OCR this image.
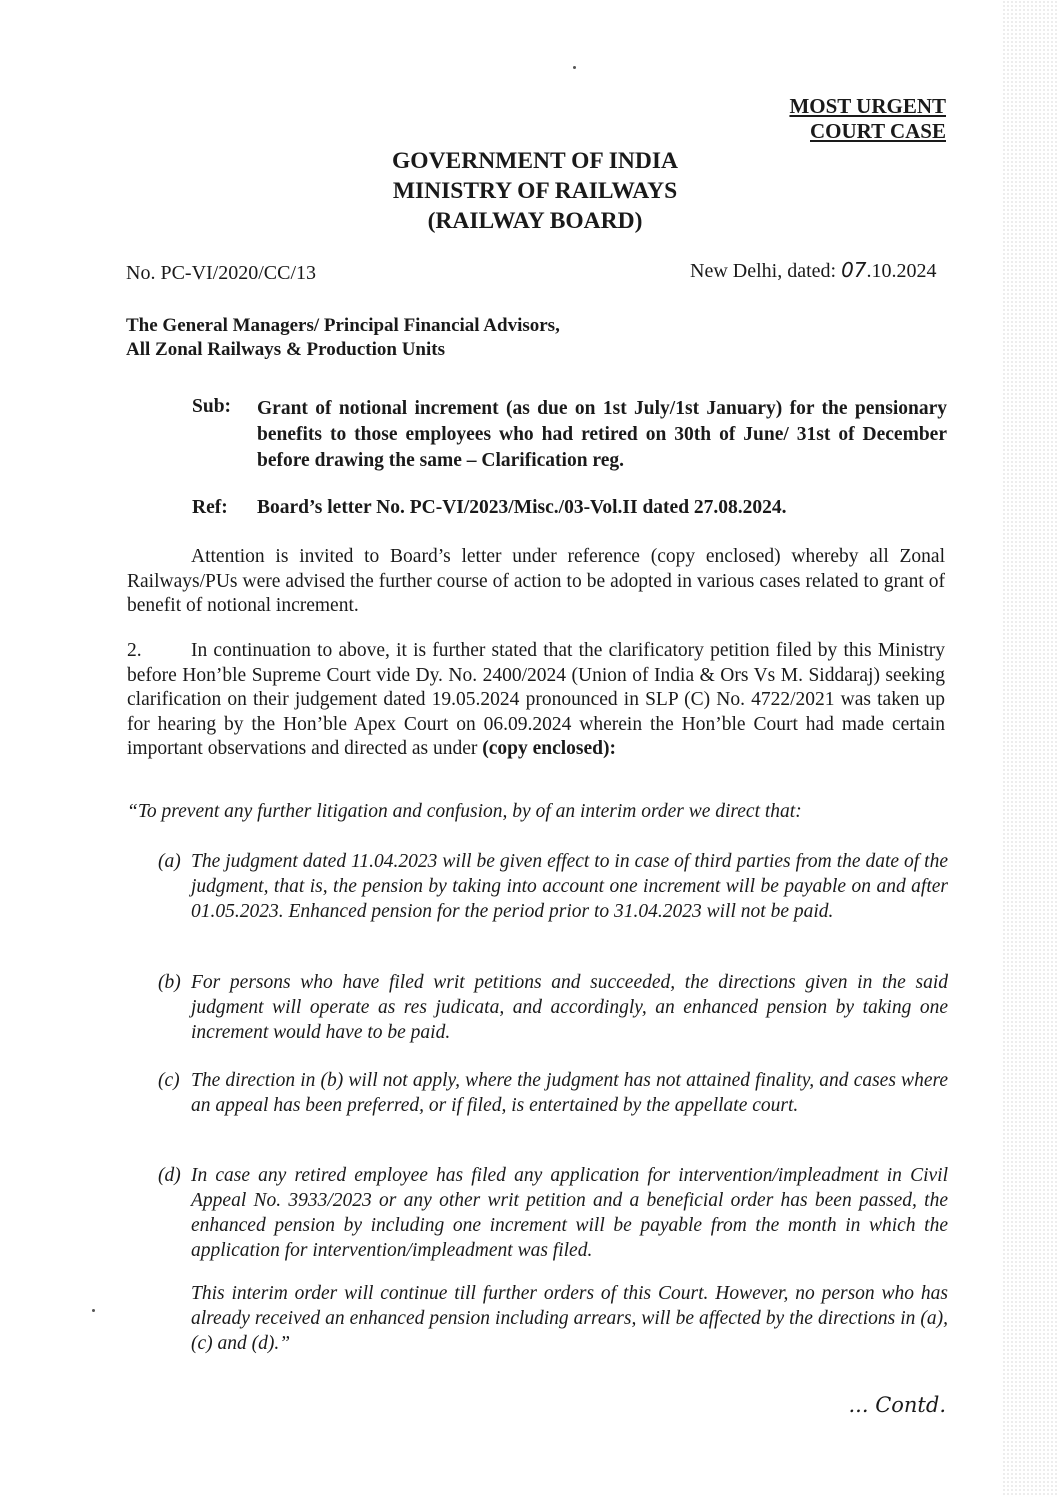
MOST URGENT
COURT CASE
GOVERNMENT OF INDIA
MINISTRY OF RAILWAYS
(RAILWAY BOARD)
No. PC-VI/2020/CC/13	New Delhi, dated: 07.10.2024
The General Managers/ Principal Financial Advisors,
All Zonal Railways & Production Units
Sub: Grant of notional increment (as due on 1st July/1st January) for the pensionary benefits to those employees who had retired on 30th of June/ 31st of December before drawing the same – Clarification reg.
Ref: Board’s letter No. PC-VI/2023/Misc./03-Vol.II dated 27.08.2024.
Attention is invited to Board’s letter under reference (copy enclosed) whereby all Zonal Railways/PUs were advised the further course of action to be adopted in various cases related to grant of benefit of notional increment.
2.	In continuation to above, it is further stated that the clarificatory petition filed by this Ministry before Hon’ble Supreme Court vide Dy. No. 2400/2024 (Union of India & Ors Vs M. Siddaraj) seeking clarification on their judgement dated 19.05.2024 pronounced in SLP (C) No. 4722/2021 was taken up for hearing by the Hon’ble Apex Court on 06.09.2024 wherein the Hon’ble Court had made certain important observations and directed as under (copy enclosed):
“To prevent any further litigation and confusion, by of an interim order we direct that:
(a) The judgment dated 11.04.2023 will be given effect to in case of third parties from the date of the judgment, that is, the pension by taking into account one increment will be payable on and after 01.05.2023. Enhanced pension for the period prior to 31.04.2023 will not be paid.
(b) For persons who have filed writ petitions and succeeded, the directions given in the said judgment will operate as res judicata, and accordingly, an enhanced pension by taking one increment would have to be paid.
(c) The direction in (b) will not apply, where the judgment has not attained finality, and cases where an appeal has been preferred, or if filed, is entertained by the appellate court.
(d) In case any retired employee has filed any application for intervention/impleadment in Civil Appeal No. 3933/2023 or any other writ petition and a beneficial order has been passed, the enhanced pension by including one increment will be payable from the month in which the application for intervention/impleadment was filed.
This interim order will continue till further orders of this Court. However, no person who has already received an enhanced pension including arrears, will be affected by the directions in (a), (c) and (d).”
... Contd.
